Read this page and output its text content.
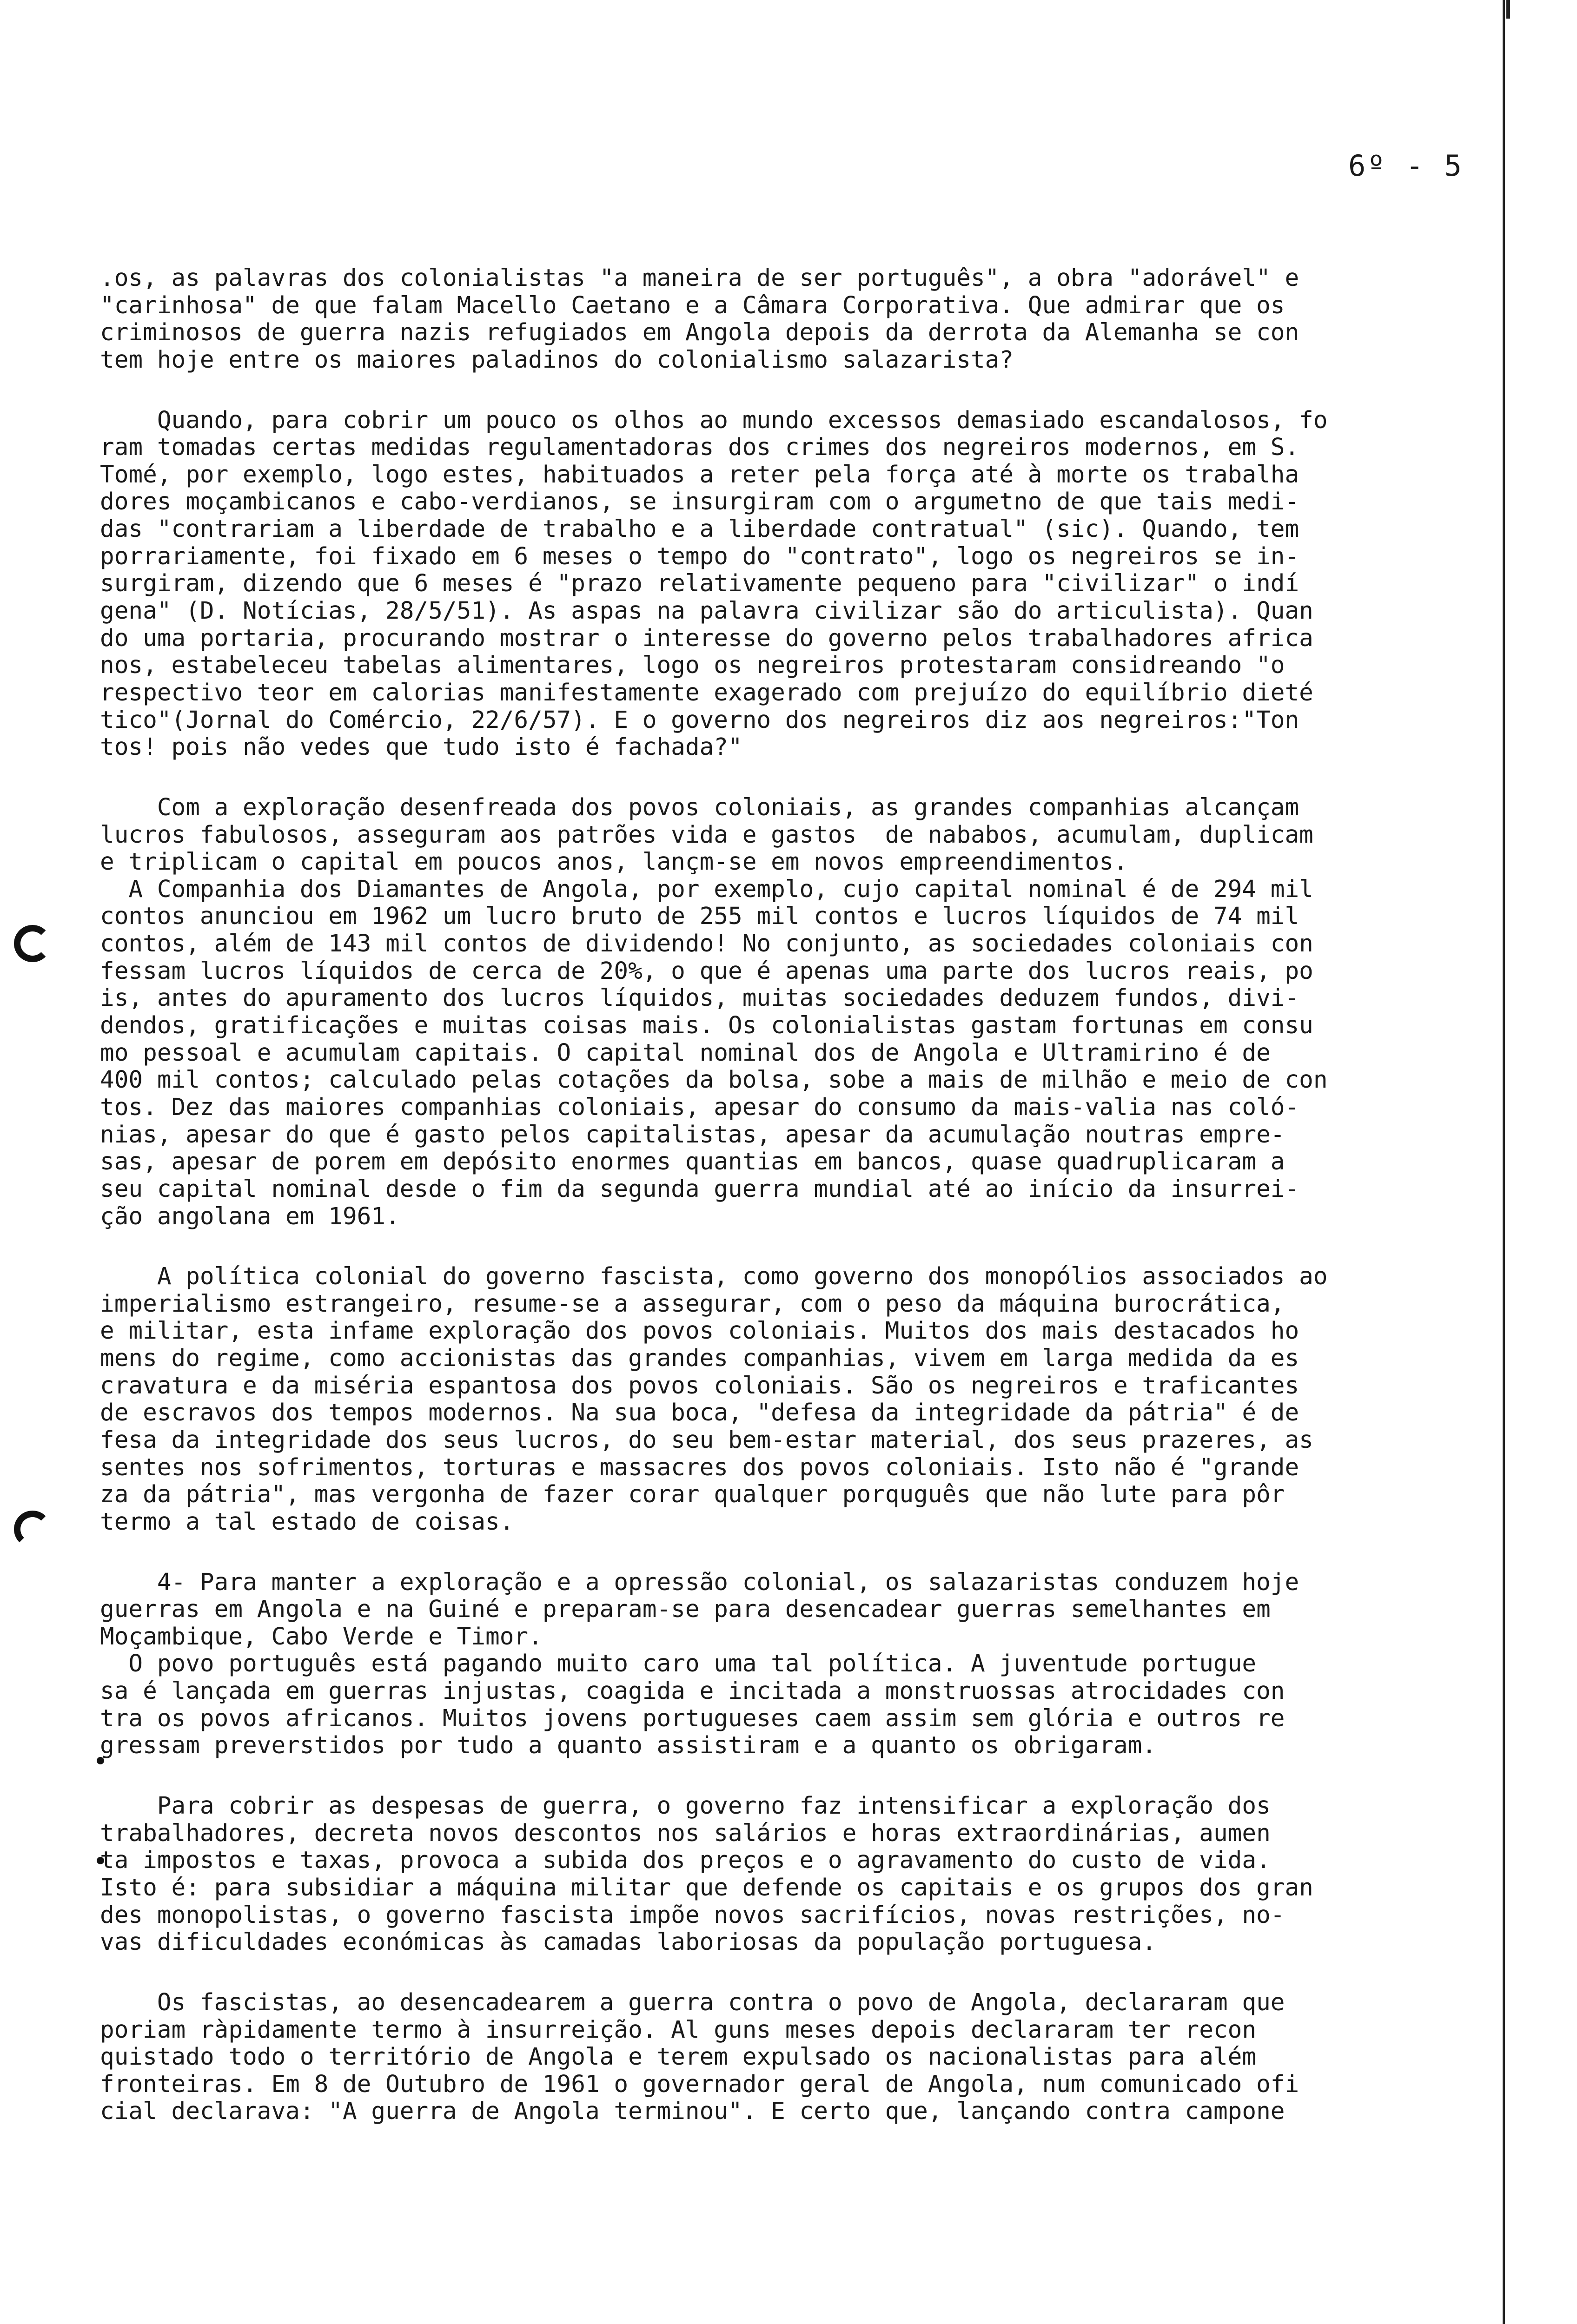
6º - 5

.os, as palavras dos colonialistas "a maneira de ser português", a obra "adorável" e
"carinhosa" de que falam Macello Caetano e a Câmara Corporativa. Que admirar que os
criminosos de guerra nazis refugiados em Angola depois da derrota da Alemanha se con
tem hoje entre os maiores paladinos do colonialismo salazarista?

Quando, para cobrir um pouco os olhos ao mundo excessos demasiado escandalosos, fo
ram tomadas certas medidas regulamentadoras dos crimes dos negreiros modernos, em S.
Tomé, por exemplo, logo estes, habituados a reter pela força até à morte os trabalha
dores moçambicanos e cabo-verdianos, se insurgiram com o argumetno de que tais medi-
das "contrariam a liberdade de trabalho e a liberdade contratual" (sic). Quando, tem
porrariamente, foi fixado em 6 meses o tempo do "contrato", logo os negreiros se in-
surgiram, dizendo que 6 meses é "prazo relativamente pequeno para "civilizar" o indí
gena" (D. Notícias, 28/5/51). As aspas na palavra civilizar são do articulista). Quan
do uma portaria, procurando mostrar o interesse do governo pelos trabalhadores africa
nos, estabeleceu tabelas alimentares, logo os negreiros protestaram considreando "o
respectivo teor em calorias manifestamente exagerado com prejuízo do equilíbrio dieté
tico"(Jornal do Comércio, 22/6/57). E o governo dos negreiros diz aos negreiros:"Ton
tos! pois não vedes que tudo isto é fachada?"

Com a exploração desenfreada dos povos coloniais, as grandes companhias alcançam
lucros fabulosos, asseguram aos patrões vida e gastos  de nababos, acumulam, duplicam
e triplicam o capital em poucos anos, lançm-se em novos empreendimentos.
A Companhia dos Diamantes de Angola, por exemplo, cujo capital nominal é de 294 mil
contos anunciou em 1962 um lucro bruto de 255 mil contos e lucros líquidos de 74 mil
contos, além de 143 mil contos de dividendo! No conjunto, as sociedades coloniais con
fessam lucros líquidos de cerca de 20%, o que é apenas uma parte dos lucros reais, po
is, antes do apuramento dos lucros líquidos, muitas sociedades deduzem fundos, divi-
dendos, gratificações e muitas coisas mais. Os colonialistas gastam fortunas em consu
mo pessoal e acumulam capitais. O capital nominal dos de Angola e Ultramirino é de
400 mil contos; calculado pelas cotações da bolsa, sobe a mais de milhão e meio de con
tos. Dez das maiores companhias coloniais, apesar do consumo da mais-valia nas coló-
nias, apesar do que é gasto pelos capitalistas, apesar da acumulação noutras empre-
sas, apesar de porem em depósito enormes quantias em bancos, quase quadruplicaram a
seu capital nominal desde o fim da segunda guerra mundial até ao início da insurrei-
ção angolana em 1961.

A política colonial do governo fascista, como governo dos monopólios associados ao
imperialismo estrangeiro, resume-se a assegurar, com o peso da máquina burocrática,
e militar, esta infame exploração dos povos coloniais. Muitos dos mais destacados ho
mens do regime, como accionistas das grandes companhias, vivem em larga medida da es
cravatura e da miséria espantosa dos povos coloniais. São os negreiros e traficantes
de escravos dos tempos modernos. Na sua boca, "defesa da integridade da pátria" é de
fesa da integridade dos seus lucros, do seu bem-estar material, dos seus prazeres, as
sentes nos sofrimentos, torturas e massacres dos povos coloniais. Isto não é "grande
za da pátria", mas vergonha de fazer corar qualquer porquguês que não lute para pôr
termo a tal estado de coisas.

4- Para manter a exploração e a opressão colonial, os salazaristas conduzem hoje
guerras em Angola e na Guiné e preparam-se para desencadear guerras semelhantes em
Moçambique, Cabo Verde e Timor.
O povo português está pagando muito caro uma tal política. A juventude portugue
sa é lançada em guerras injustas, coagida e incitada a monstruossas atrocidades con
tra os povos africanos. Muitos jovens portugueses caem assim sem glória e outros re
gressam preverstidos por tudo a quanto assistiram e a quanto os obrigaram.

Para cobrir as despesas de guerra, o governo faz intensificar a exploração dos
trabalhadores, decreta novos descontos nos salários e horas extraordinárias, aumen
ta impostos e taxas, provoca a subida dos preços e o agravamento do custo de vida.
Isto é: para subsidiar a máquina militar que defende os capitais e os grupos dos gran
des monopolistas, o governo fascista impõe novos sacrifícios, novas restrições, no-
vas dificuldades económicas às camadas laboriosas da população portuguesa.

Os fascistas, ao desencadearem a guerra contra o povo de Angola, declararam que
poriam ràpidamente termo à insurreição. Al guns meses depois declararam ter recon
quistado todo o território de Angola e terem expulsado os nacionalistas para além
fronteiras. Em 8 de Outubro de 1961 o governador geral de Angola, num comunicado ofi
cial declarava: "A guerra de Angola terminou". E certo que, lançando contra campone
